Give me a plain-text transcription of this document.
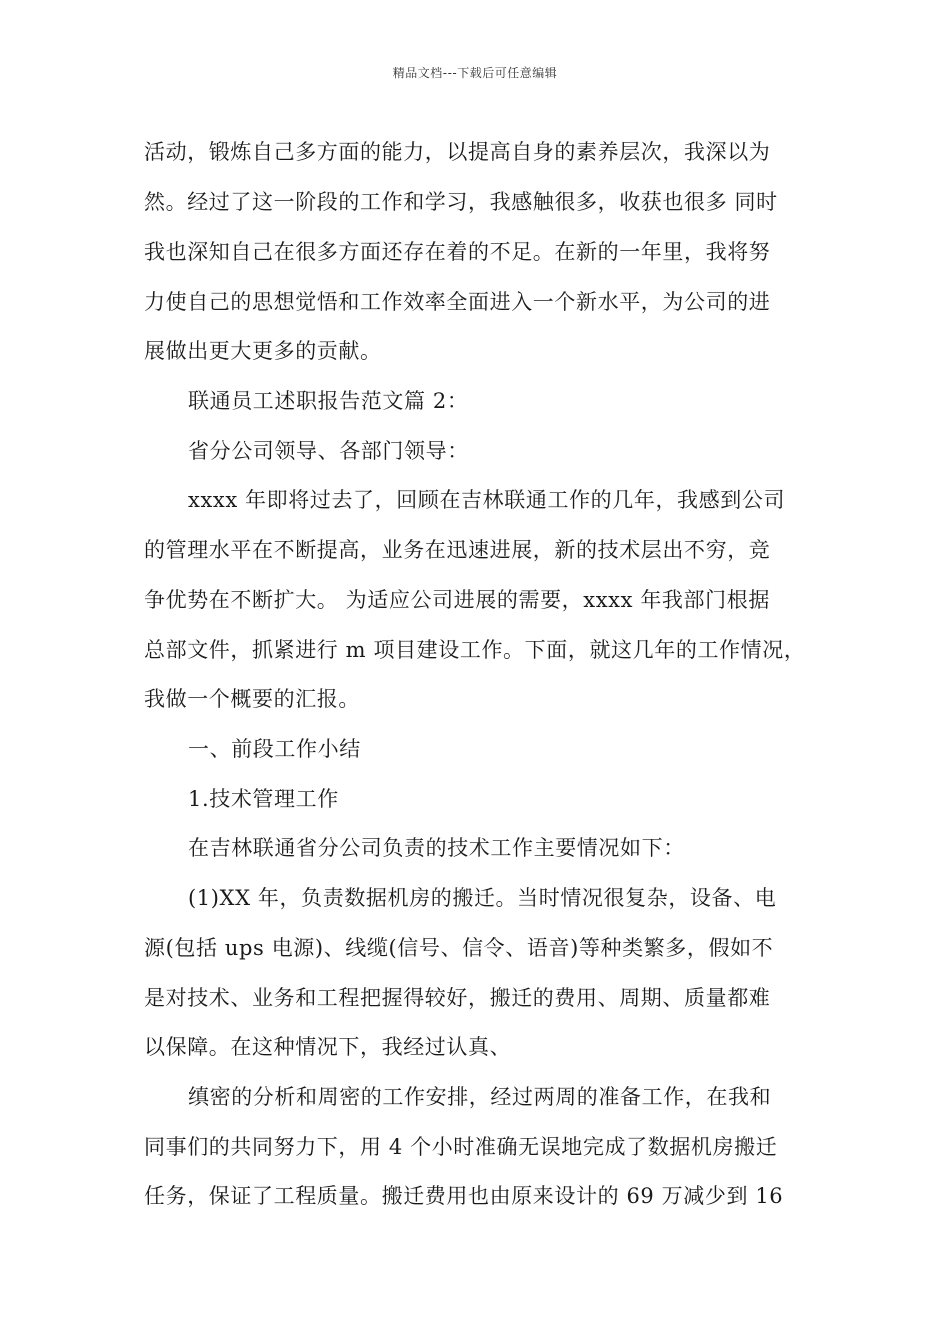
精品文档---下载后可任意编辑
活动，锻炼自己多方面的能力，以提高自身的素养层次，我深以为
然。经过了这一阶段的工作和学习，我感触很多，收获也很多 同时
我也深知自己在很多方面还存在着的不足。在新的一年里，我将努
力使自己的思想觉悟和工作效率全面进入一个新水平，为公司的进
展做出更大更多的贡献。
联通员工述职报告范文篇 2：
省分公司领导、各部门领导：
xxxx 年即将过去了，回顾在吉林联通工作的几年，我感到公司
的管理水平在不断提高，业务在迅速进展，新的技术层出不穷，竞
争优势在不断扩大。 为适应公司进展的需要，xxxx 年我部门根据
总部文件，抓紧进行 m 项目建设工作。下面，就这几年的工作情况，
我做一个概要的汇报。
一、前段工作小结
1.技术管理工作
在吉林联通省分公司负责的技术工作主要情况如下：
(1)XX 年，负责数据机房的搬迁。当时情况很复杂，设备、电
源(包括 ups 电源)、线缆(信号、信令、语音)等种类繁多，假如不
是对技术、业务和工程把握得较好，搬迁的费用、周期、质量都难
以保障。在这种情况下，我经过认真、
缜密的分析和周密的工作安排，经过两周的准备工作，在我和
同事们的共同努力下，用 4 个小时准确无误地完成了数据机房搬迁
任务，保证了工程质量。搬迁费用也由原来设计的 69 万减少到 16
